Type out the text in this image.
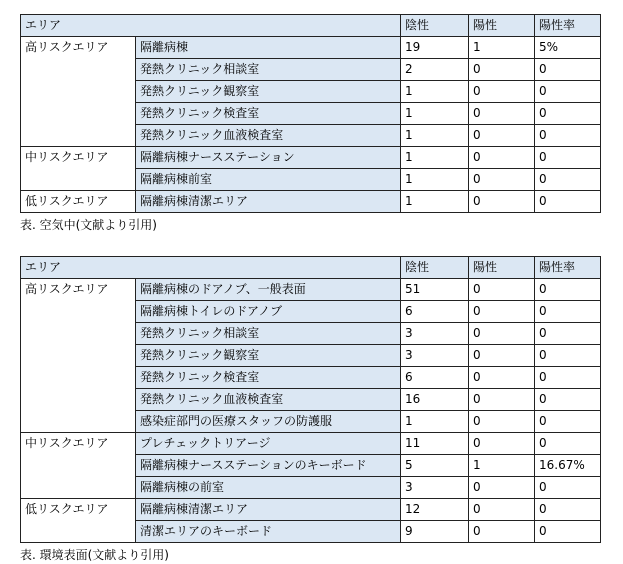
エリア		陰性	陽性	陽性率
高リスクエリア	隔離病棟	19	1	5%
	発熱クリニック相談室	2	0	0
	発熱クリニック観察室	1	0	0
	発熱クリニック検査室	1	0	0
	発熱クリニック血液検査室	1	0	0
中リスクエリア	隔離病棟ナースステーション	1	0	0
	隔離病棟前室	1	0	0
低リスクエリア	隔離病棟清潔エリア	1	0	0
表. 空気中(文献より引用)
エリア		陰性	陽性	陽性率
高リスクエリア	隔離病棟のドアノブ、一般表面	51	0	0
	隔離病棟トイレのドアノブ	6	0	0
	発熱クリニック相談室	3	0	0
	発熱クリニック観察室	3	0	0
	発熱クリニック検査室	6	0	0
	発熱クリニック血液検査室	16	0	0
	感染症部門の医療スタッフの防護服	1	0	0
中リスクエリア	プレチェックトリアージ	11	0	0
	隔離病棟ナースステーションのキーボード	5	1	16.67%
	隔離病棟の前室	3	0	0
低リスクエリア	隔離病棟清潔エリア	12	0	0
	清潔エリアのキーボード	9	0	0
表. 環境表面(文献より引用)
